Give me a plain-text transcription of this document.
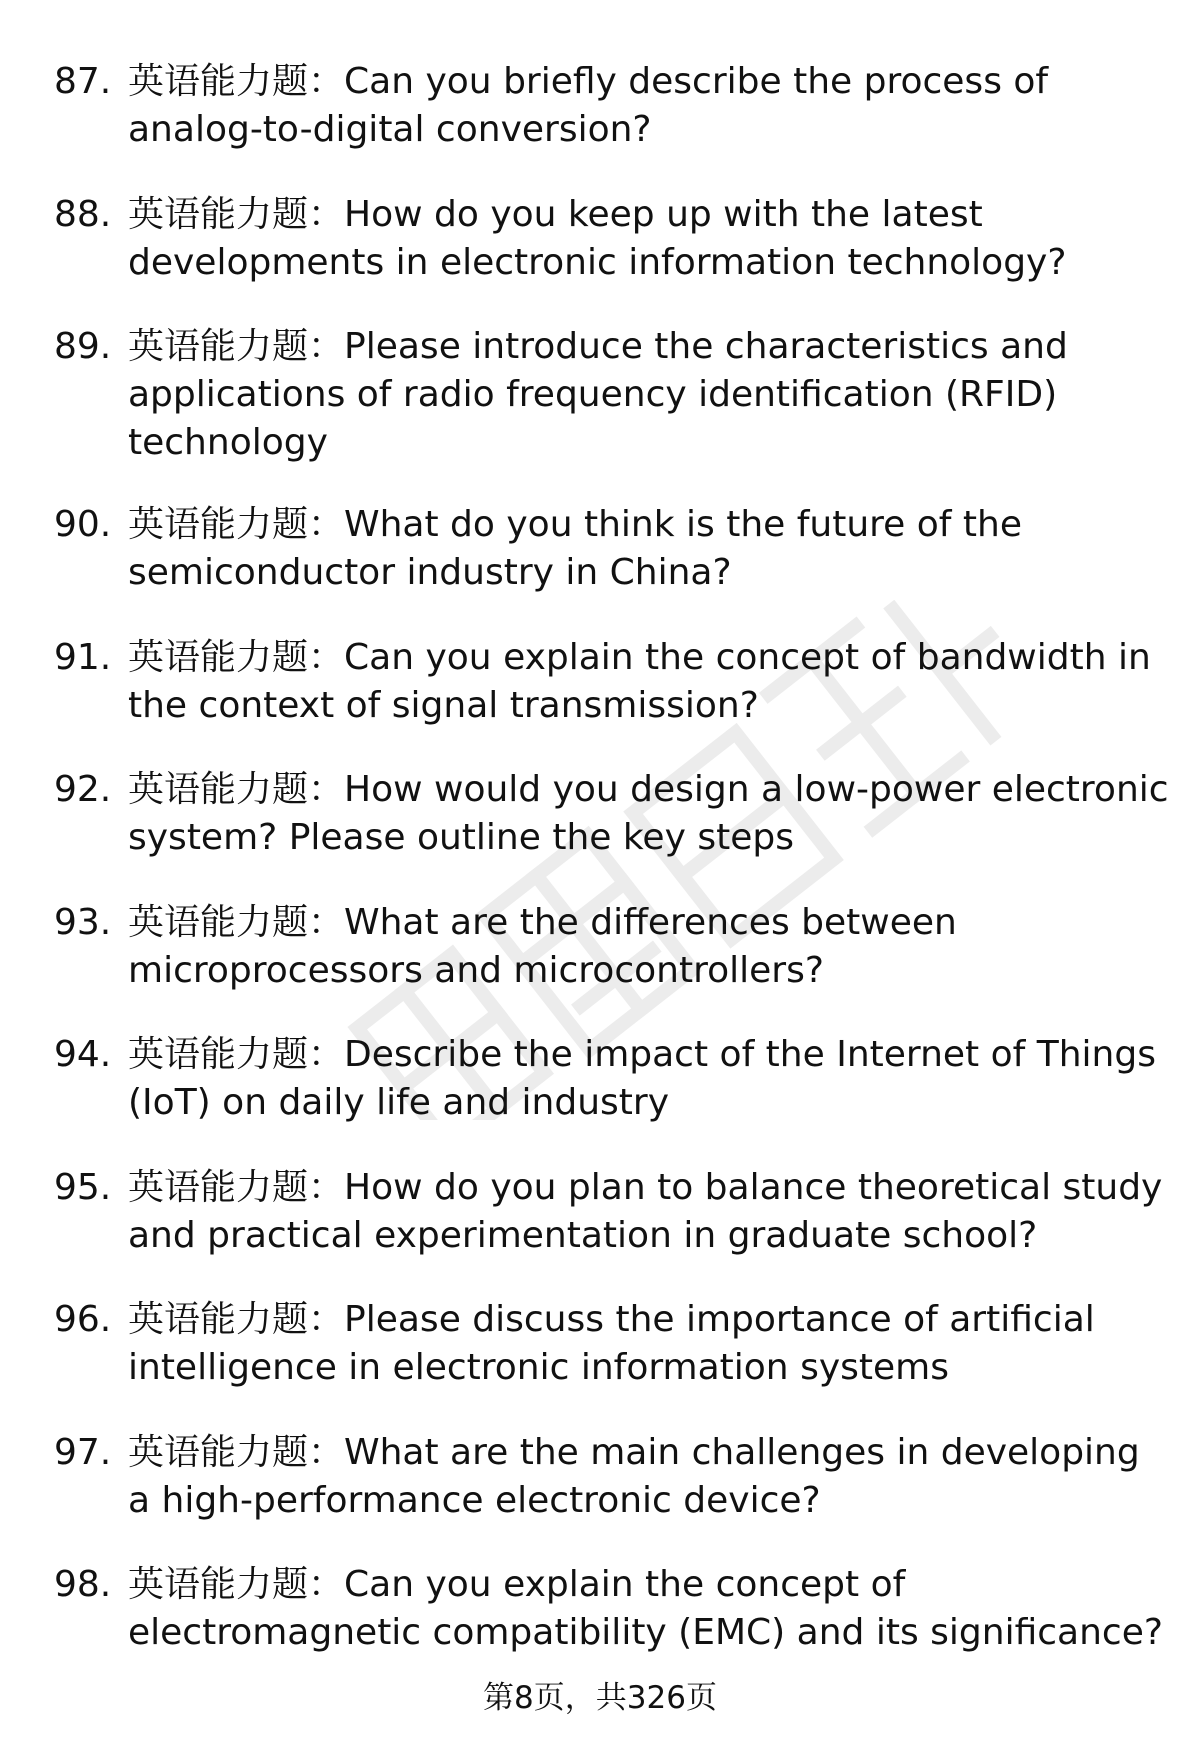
87. 英语能力题：Can you briefly describe the process of analog-to-digital conversion?
88. 英语能力题：How do you keep up with the latest developments in electronic information technology?
89. 英语能力题：Please introduce the characteristics and applications of radio frequency identification (RFID) technology
90. 英语能力题：What do you think is the future of the semiconductor industry in China?
91. 英语能力题：Can you explain the concept of bandwidth in the context of signal transmission?
92. 英语能力题：How would you design a low-power electronic system? Please outline the key steps
93. 英语能力题：What are the differences between microprocessors and microcontrollers?
94. 英语能力题：Describe the impact of the Internet of Things (IoT) on daily life and industry
95. 英语能力题：How do you plan to balance theoretical study and practical experimentation in graduate school?
96. 英语能力题：Please discuss the importance of artificial intelligence in electronic information systems
97. 英语能力题：What are the main challenges in developing a high-performance electronic device?
98. 英语能力题：Can you explain the concept of electromagnetic compatibility (EMC) and its significance?
第8页，共326页
